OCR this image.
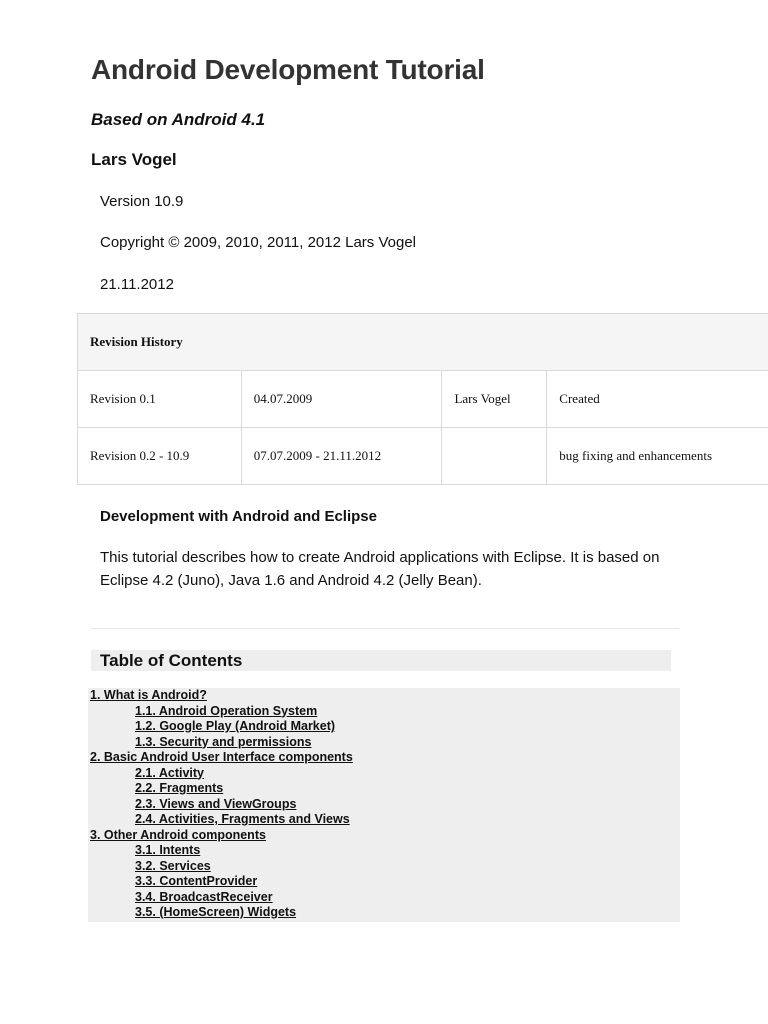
Android Development Tutorial
Based on Android 4.1
Lars Vogel

Version 10.9

Copyright © 2009, 2010, 2011, 2012 Lars Vogel

21.11.2012

Revision History			
Revision 0.1	04.07.2009	Lars Vogel	Created
Revision 0.2 - 10.9	07.07.2009 - 21.11.2012		bug fixing and enhancements
Development with Android and Eclipse

This tutorial describes how to create Android applications with Eclipse. It is based on Eclipse 4.2 (Juno), Java 1.6 and Android 4.2 (Jelly Bean).

Table of Contents
1. What is Android?
1.1. Android Operation System
1.2. Google Play (Android Market)
1.3. Security and permissions
2. Basic Android User Interface components
2.1. Activity
2.2. Fragments
2.3. Views and ViewGroups
2.4. Activities, Fragments and Views
3. Other Android components
3.1. Intents
3.2. Services
3.3. ContentProvider
3.4. BroadcastReceiver
3.5. (HomeScreen) Widgets
